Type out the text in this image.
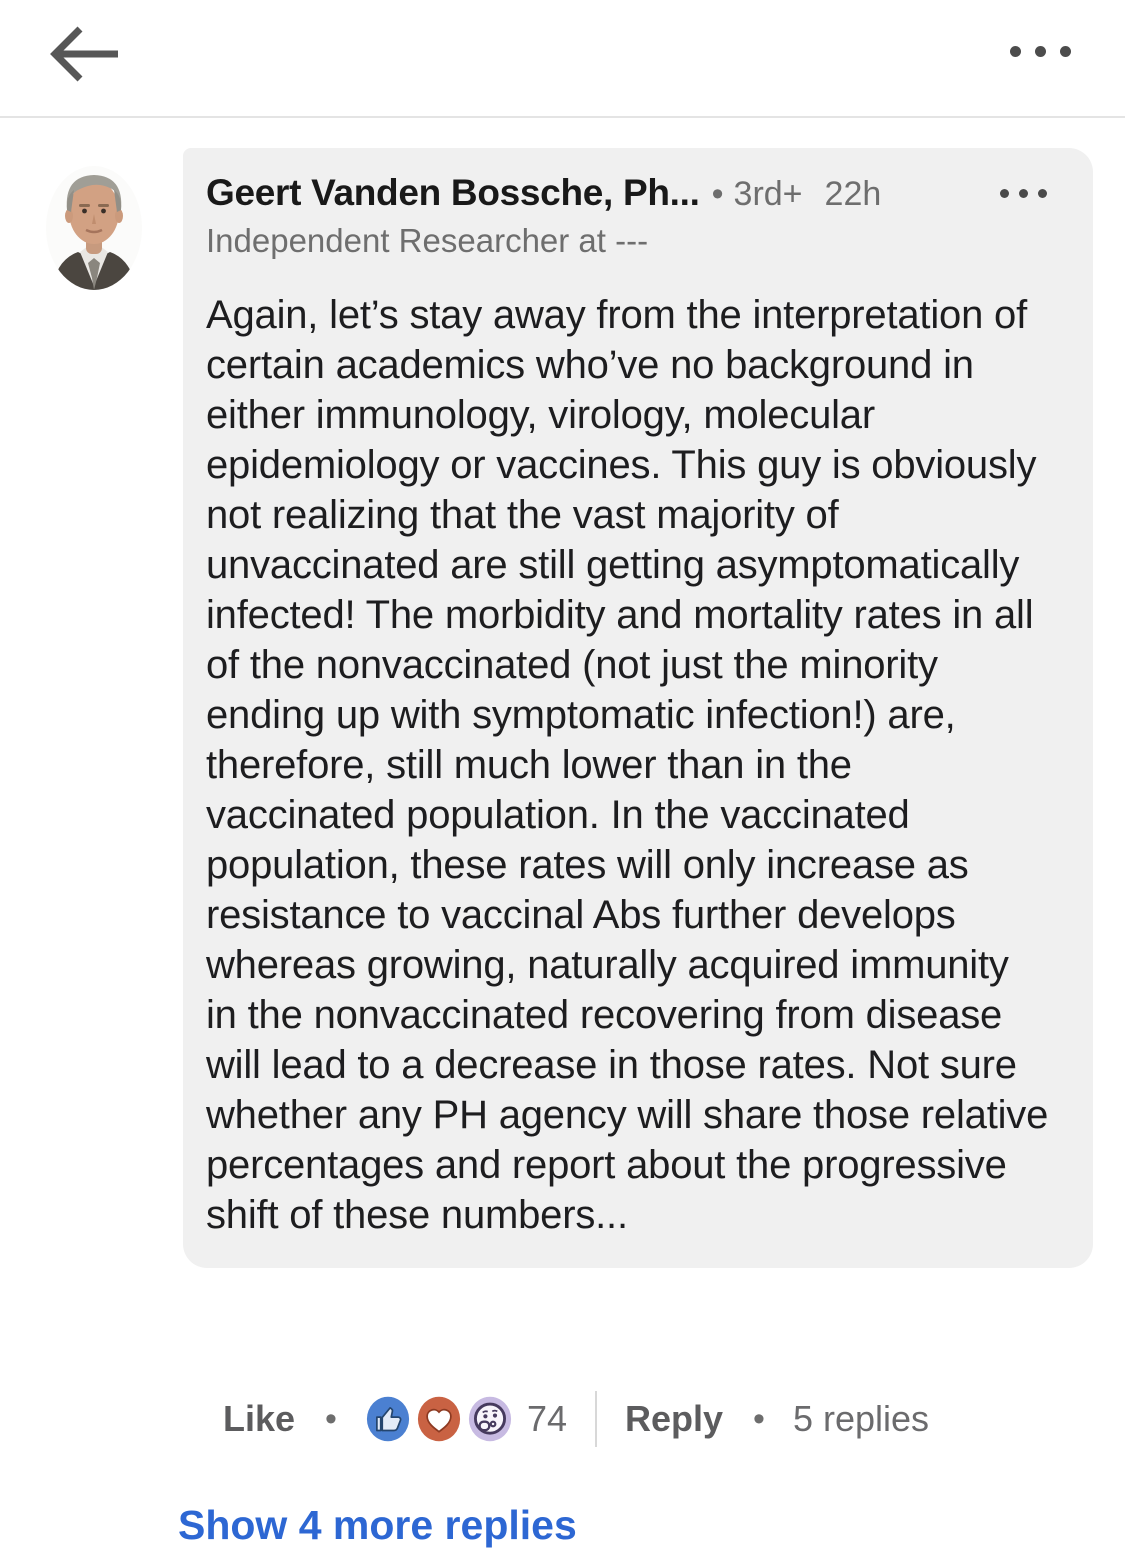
Geert Vanden Bossche, Ph... • 3rd+ 22h
Independent Researcher at ---
Again, let’s stay away from the interpretation of certain academics who’ve no background in either immunology, virology, molecular epidemiology or vaccines. This guy is obviously not realizing that the vast majority of unvaccinated are still getting asymptomatically  infected! The morbidity and mortality rates in all of the nonvaccinated (not just the minority ending up with symptomatic infection!) are, therefore, still much lower than in the vaccinated population. In the vaccinated population, these rates will only increase as resistance to vaccinal Abs further develops whereas growing, naturally acquired immunity in the nonvaccinated recovering from disease will lead to a decrease in those rates. Not sure whether any PH agency will share those relative percentages and report about the progressive shift of these numbers...
Like •	74 Reply • 5 replies
Show 4 more replies
